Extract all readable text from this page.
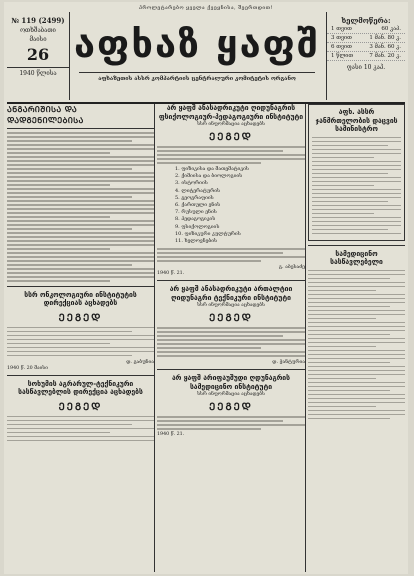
პროლეტარებო ყველა ქვეყნისა, შეერთდით!
№ 119 (2499)
ოთხშაბათი
მაისი
26
1940 წლისა
აფხაზ ყაფშ
აფხაზეთის ასსრ კომპარტიის ცენტრალური კომიტეტის ორგანო
ხელმოწერა:
1 თვით	60 კაპ.
3 თვით	1 მან. 80 კ.
6 თვით	3 მან. 60 კ.
1 წლით	7 მან. 20 კ.
ფასი 10 კაპ.
ᲐᲜᲒᲐᲠᲘᲨᲘᲡᲐ ᲓᲐ ᲓᲐᲓᲒᲔᲜᲘᲚᲔᲑᲘᲡᲐ
სსრ ონკოლოგიური ინსტიტუტის დირექციას აცხადებს
ᲔᲔᲒᲔᲓ
დ. გაბუნია
1940 წ. 20 მაისი
სოხუმის აგრარულ-ტექნიკური სასწავლებლის დირექცია აცხადებს
ᲔᲔᲒᲔᲓ
არ ყაფშ ანასადრიკუტი ღიდუნაგრის ფსიქოლოგიურ-პედაგოგიური ინსტიტუტი
სსრ ინფორმაცია აცხადებს
ᲔᲔᲒᲔᲓ
1. ფიზიკისა და მათემატიკის
2. ქიმიისა და ბიოლოგიის
3. ისტორიის
4. ლიტერატურის
5. გეოგრაფიის
6. ქართული ენის
7. რუსული ენის
8. პედაგოგიკის
9. ფსიქოლოგიის
10. ფიზიკური კულტურის
11. ხელოვნების
გ. აბესაძე
1940 წ. 21.
არ ყაფშ ანასადრიკუტი ართალტიი ღიდუნაგრი ტექნიკური ინსტიტუტი
სსრ ინფორმაცია აცხადებს
ᲔᲔᲒᲔᲓ
დ. ჭანტურია
არ ყაფშ არიფაუშუდი ღდუნაგრის სამედიცინო ინსტიტუტი
სსრ ინფორმაცია აცხადებს
ᲔᲔᲒᲔᲓ
1940 წ. 21.
აფხ. ასსრ ჯანმრთელობის დაცვის სამინისტრო
სამედიცინო სასწავლებელი
